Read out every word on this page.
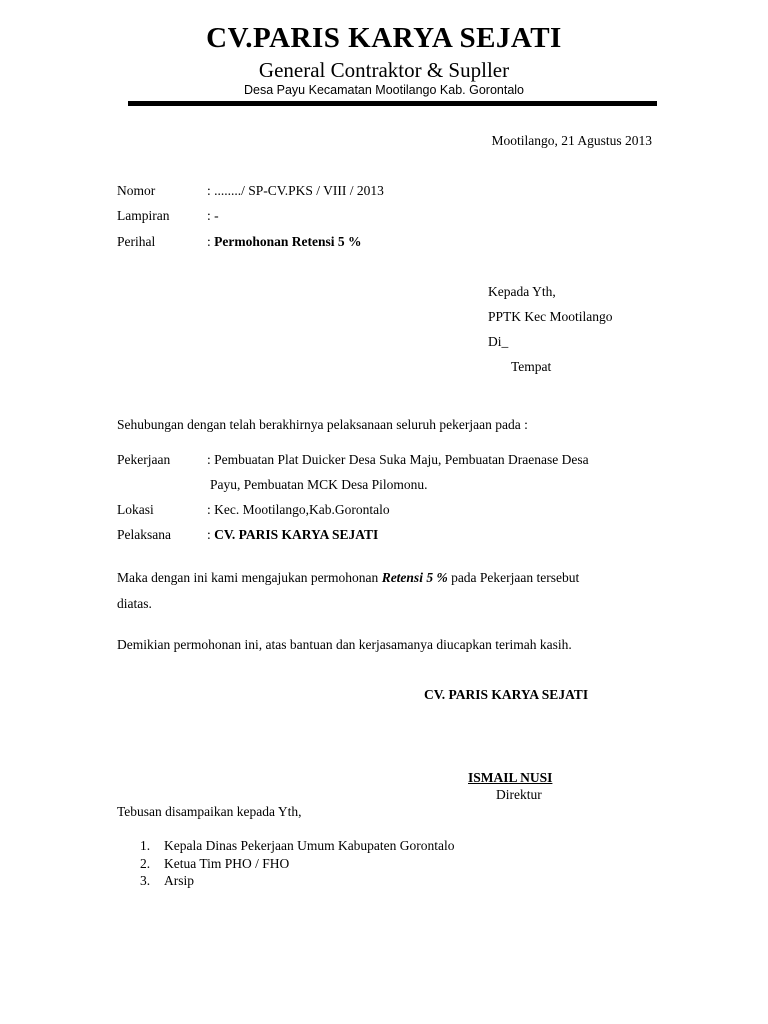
CV.PARIS KARYA SEJATI
General Contraktor & Supller
Desa Payu Kecamatan Mootilango Kab. Gorontalo
Mootilango, 21 Agustus 2013
Nomor	: ......../ SP-CV.PKS / VIII / 2013
Lampiran	: -
Perihal	: Permohonan Retensi 5 %
Kepada Yth,
PPTK Kec Mootilango
Di_
Tempat
Sehubungan dengan telah berakhirnya pelaksanaan seluruh pekerjaan pada :
Pekerjaan	: Pembuatan Plat Duicker Desa Suka Maju, Pembuatan Draenase Desa
Payu, Pembuatan MCK Desa Pilomonu.
Lokasi	: Kec. Mootilango,Kab.Gorontalo
Pelaksana	: CV. PARIS KARYA SEJATI
Maka dengan ini kami mengajukan permohonan Retensi 5 % pada Pekerjaan tersebut
diatas.
Demikian permohonan ini, atas bantuan dan kerjasamanya diucapkan terimah kasih.
CV. PARIS KARYA SEJATI
ISMAIL NUSI
Direktur
Tebusan disampaikan kepada Yth,
1. Kepala Dinas Pekerjaan Umum Kabupaten Gorontalo
2. Ketua Tim PHO / FHO
3. Arsip
